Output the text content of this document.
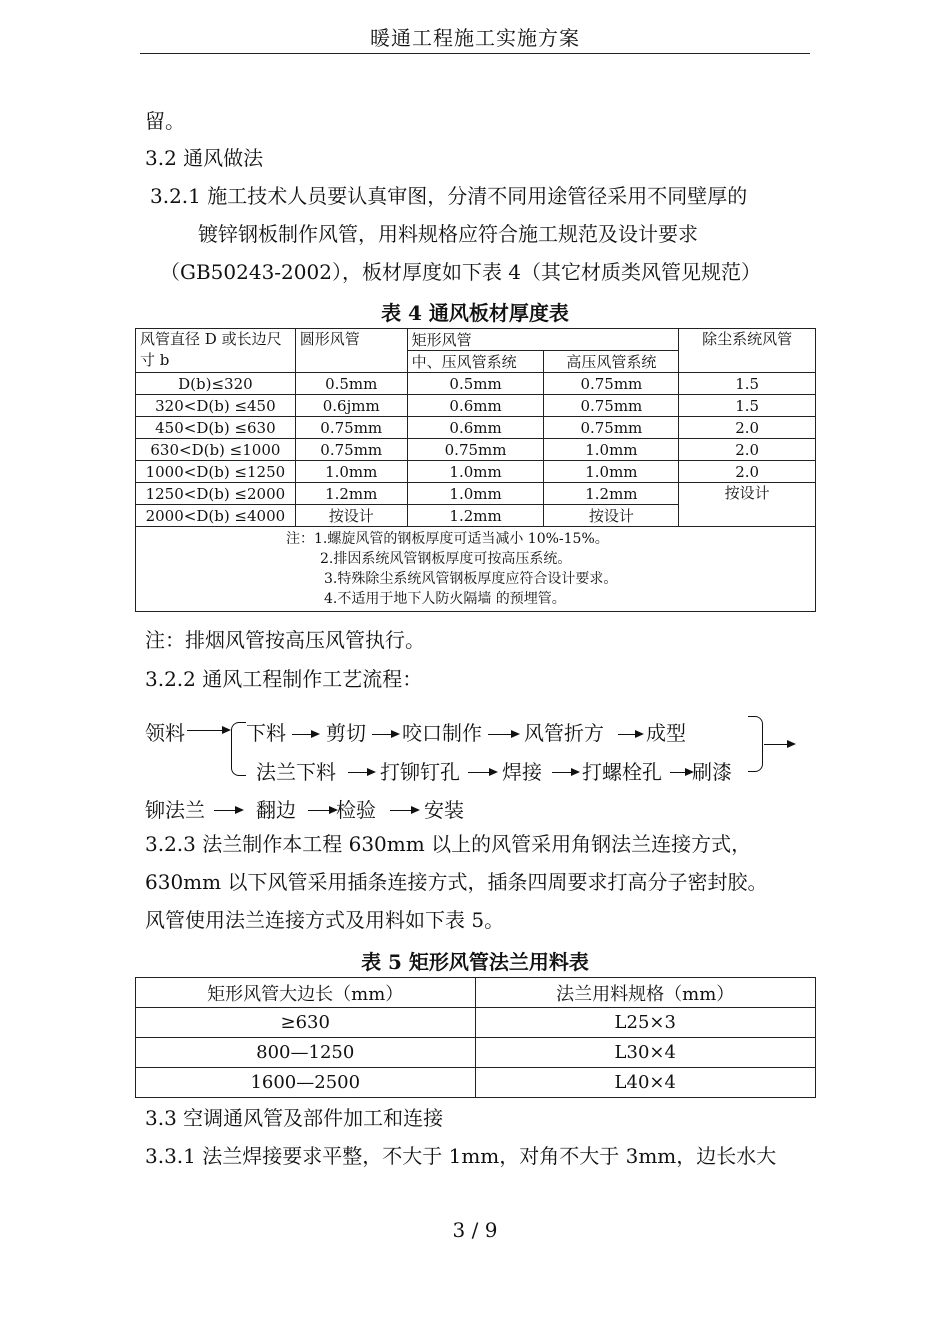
暖通工程施工实施方案
留。
3.2 通风做法
3.2.1 施工技术人员要认真审图，分清不同用途管径采用不同壁厚的
镀锌钢板制作风管，用料规格应符合施工规范及设计要求
（GB50243-2002），板材厚度如下表 4（其它材质类风管见规范）
表 4 通风板材厚度表
风管直径 D 或长边尺寸 b	圆形风管	矩形风管		除尘系统风管
		中、压风管系统	高压风管系统	
D(b)≤320	0.5mm	0.5mm	0.75mm	1.5
320<D(b) ≤450	0.6jmm	0.6mm	0.75mm	1.5
450<D(b) ≤630	0.75mm	0.6mm	0.75mm	2.0
630<D(b) ≤1000	0.75mm	0.75mm	1.0mm	2.0
1000<D(b) ≤1250	1.0mm	1.0mm	1.0mm	2.0
1250<D(b) ≤2000	1.2mm	1.0mm	1.2mm	按设计
2000<D(b) ≤4000	按设计	1.2mm	按设计	

注：1.螺旋风管的钢板厚度可适当减小 10%-15%。
2.排因系统风管钢板厚度可按高压系统。
3.特殊除尘系统风管钢板厚度应符合设计要求。
4.不适用于地下人防火隔墙 的预埋管。				
注：排烟风管按高压风管执行。
3.2.2 通风工程制作工艺流程：
领料	下料 剪切 咬口制作 风管折方 成型
法兰下料 打铆钉孔 焊接 打螺栓孔 刷漆
铆法兰	翻边 检验 安装
3.2.3 法兰制作本工程 630mm 以上的风管采用角钢法兰连接方式，
630mm 以下风管采用插条连接方式，插条四周要求打高分子密封胶。
风管使用法兰连接方式及用料如下表 5。
表 5 矩形风管法兰用料表
矩形风管大边长（mm）	法兰用料规格（mm）
≥630	L25×3
800—1250	L30×4
1600—2500	L40×4
3.3 空调通风管及部件加工和连接
3.3.1 法兰焊接要求平整，不大于 1mm，对角不大于 3mm，边长水大
3 / 9
